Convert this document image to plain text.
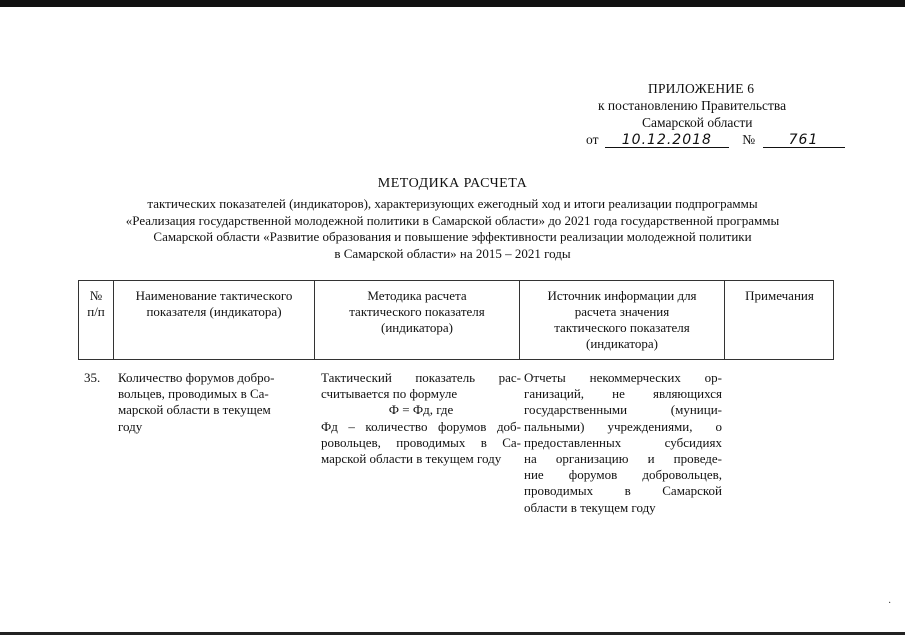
ПРИЛОЖЕНИЕ 6
к постановлению Правительства
Самарской области
от 10.12.2018 № 761
МЕТОДИКА РАСЧЕТА
тактических показателей (индикаторов), характеризующих ежегодный ход и итоги реализации подпрограммы
«Реализация государственной молодежной политики в Самарской области» до 2021 года государственной программы
Самарской области «Развитие образования и повышение эффективности реализации молодежной политики
в Самарской области» на 2015 – 2021 годы
№
п/п
Наименование тактического
показателя (индикатора)
Методика расчета
тактического показателя
(индикатора)
Источник информации для
расчета значения
тактического показателя
(индикатора)
Примечания
35.	Количество форумов добро-
вольцев, проводимых в Са-
марской области в текущем
году
Тактический показатель рас-
считывается по формуле
Ф = Фд, где
Фд – количество форумов доб-
ровольцев, проводимых в Са-
марской области в текущем году
Отчеты некоммерческих ор-
ганизаций, не являющихся
государственными (муници-
пальными) учреждениями, о
предоставленных субсидиях
на организацию и проведе-
ние форумов добровольцев,
проводимых в Самарской
области в текущем году
·
